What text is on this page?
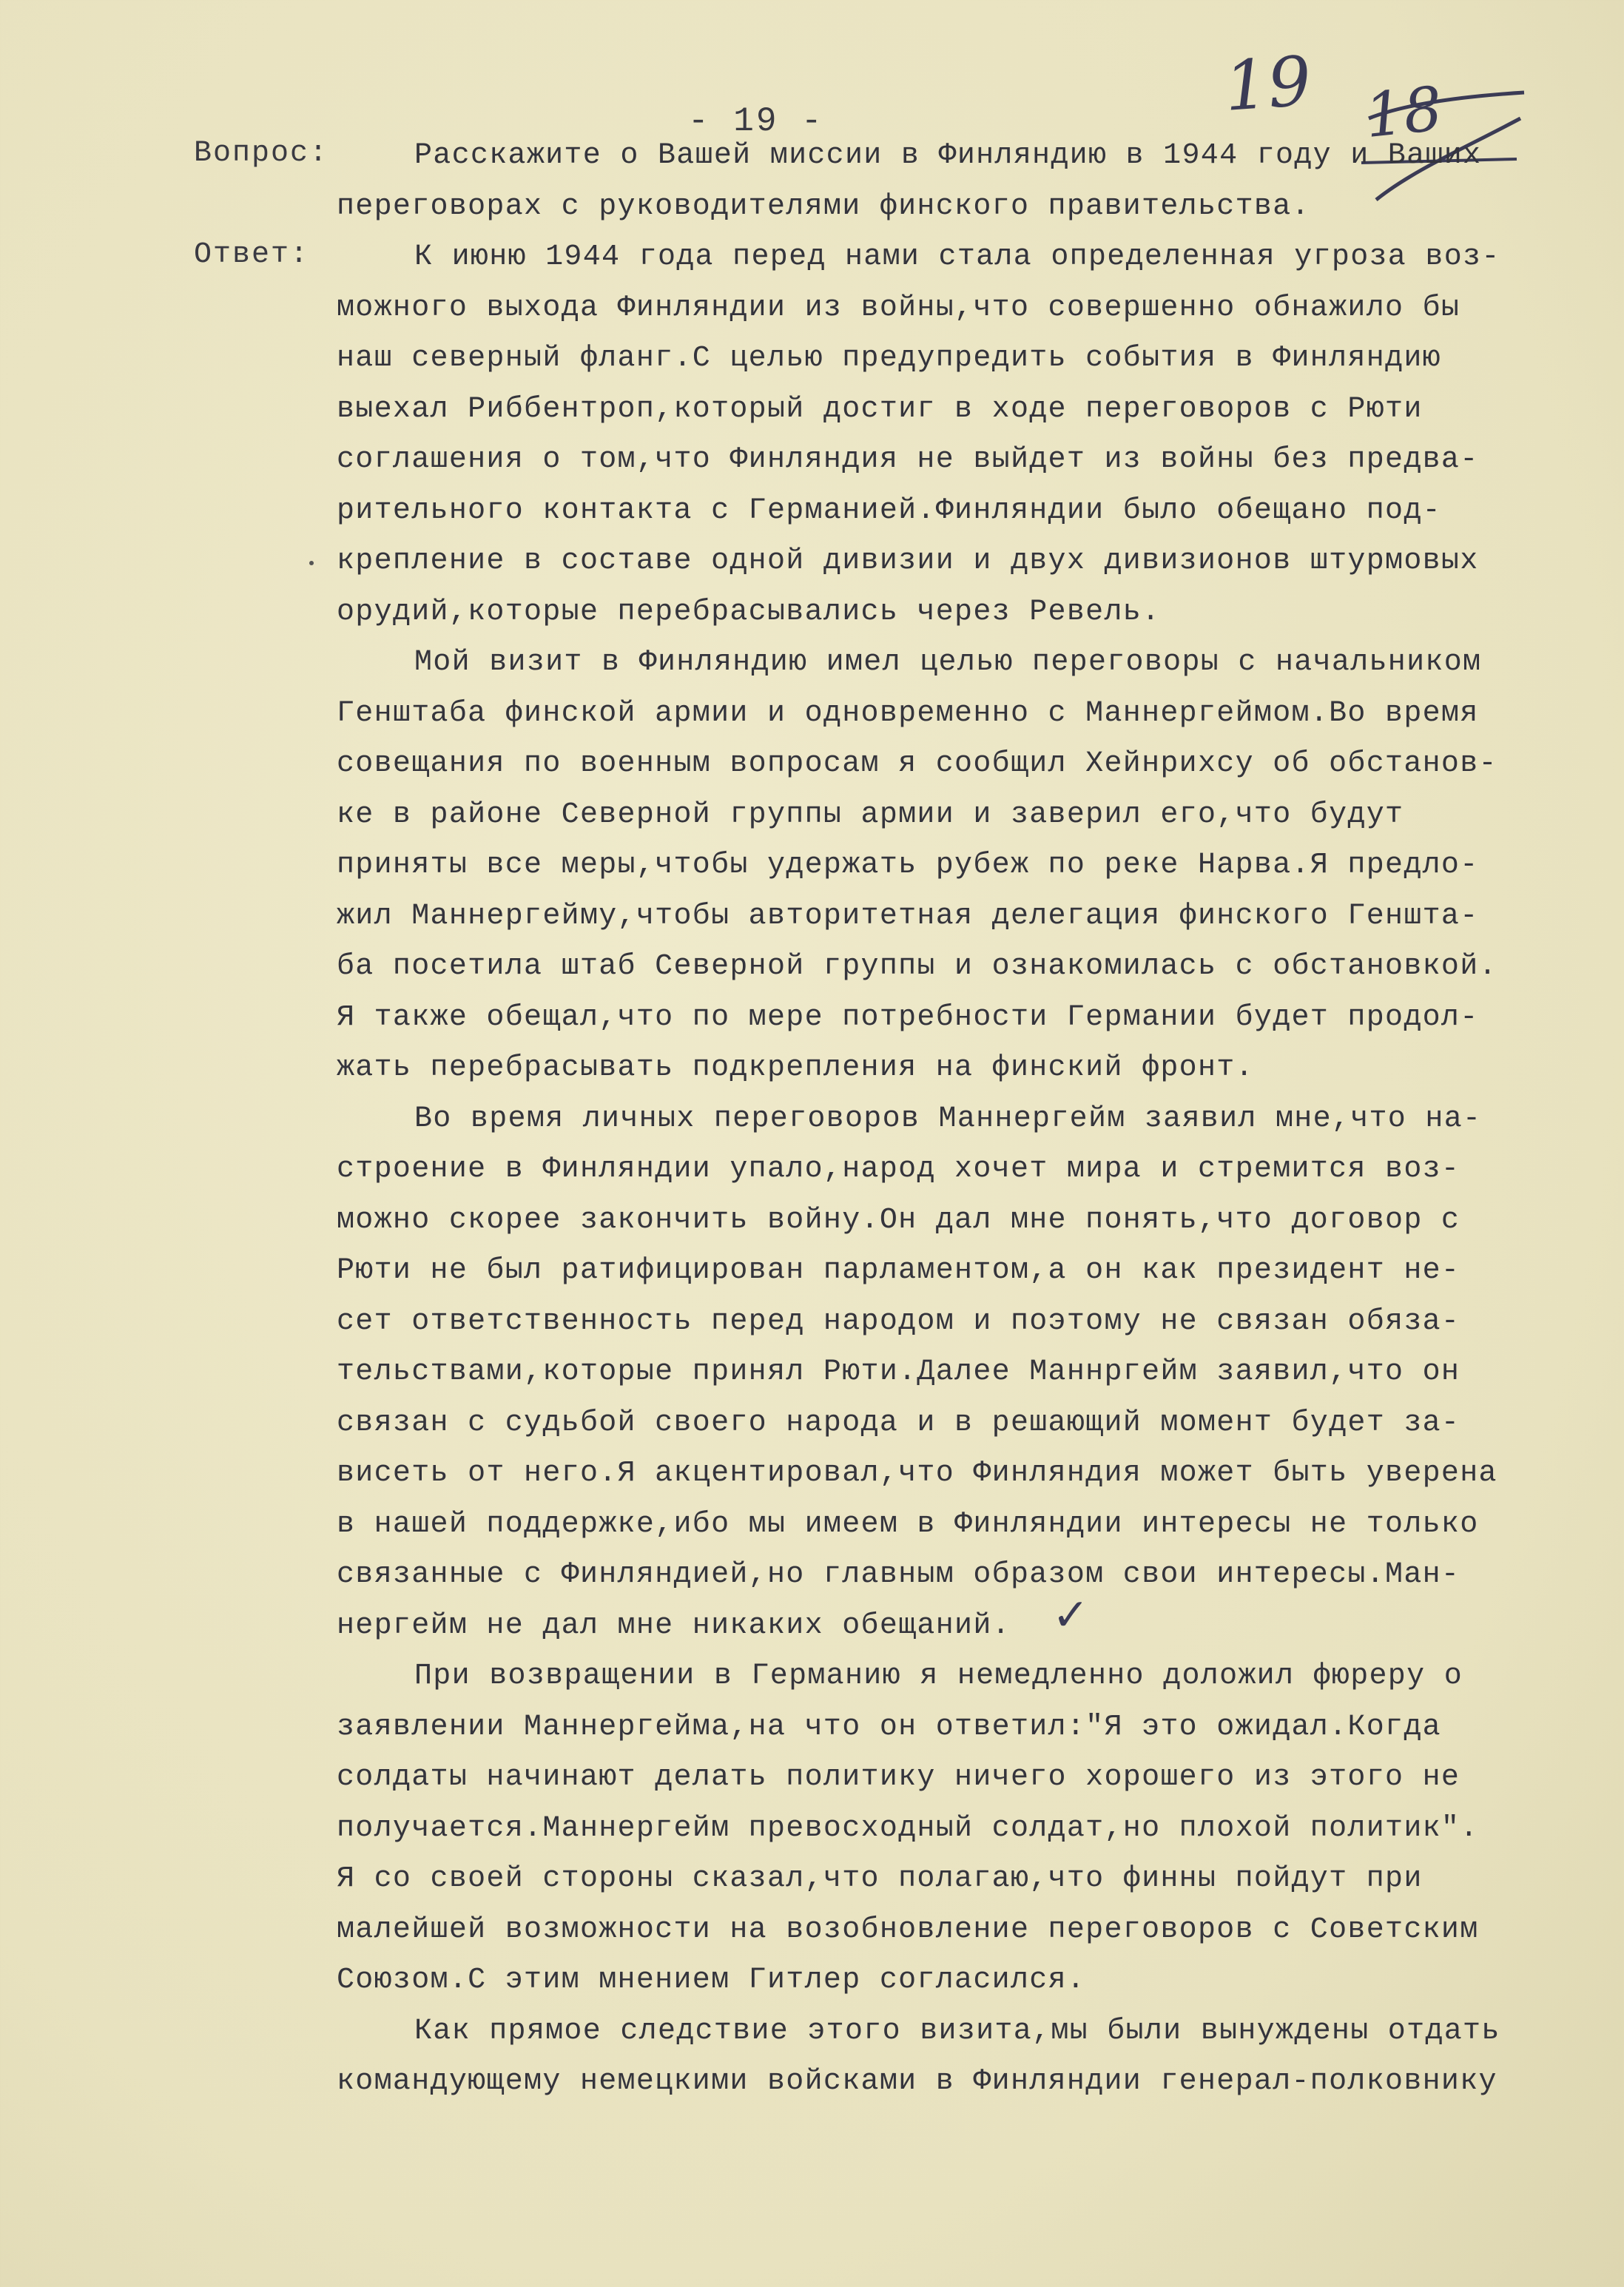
19 18
- 19 -
Вопрос:
Ответ:
Расскажите о Вашей миссии в Финляндию в 1944 году и Ваших
переговорах с руководителями финского правительства.
К июню 1944 года перед нами стала определенная угроза воз-
можного выхода Финляндии из войны,что совершенно обнажило бы
наш северный фланг.С целью предупредить события в Финляндию
выехал Риббентроп,который достиг в ходе переговоров с Рюти
соглашения о том,что Финляндия не выйдет из войны без предва-
рительного контакта с Германией.Финляндии было обещано под-
крепление в составе одной дивизии и двух дивизионов штурмовых
орудий,которые перебрасывались через Ревель.
Мой визит в Финляндию имел целью переговоры с начальником
Генштаба финской армии и одновременно с Маннергеймом.Во время
совещания по военным вопросам я сообщил Хейнрихсу об обстанов-
ке в районе Северной группы армии и заверил его,что будут
приняты все меры,чтобы удержать рубеж по реке Нарва.Я предло-
жил Маннергейму,чтобы авторитетная делегация финского Генштa-
ба посетила штаб Северной группы и ознакомилась с обстановкой.
Я также обещал,что по мере потребности Германии будет продол-
жать перебрасывать подкрепления на финский фронт.
Во время личных переговоров Маннергейм заявил мне,что на-
строение в Финляндии упало,народ хочет мира и стремится воз-
можно скорее закончить войну.Он дал мне понять,что договор с
Рюти не был ратифицирован парламентом,а он как президент не-
сет ответственность перед народом и поэтому не связан обяза-
тельствами,которые принял Рюти.Далее Маннргейм заявил,что он
связан с судьбой своего народа и в решающий момент будет за-
висеть от него.Я акцентировал,что Финляндия может быть уверена
в нашей поддержке,ибо мы имеем в Финляндии интересы не только
связанные с Финляндией,но главным образом свои интересы.Ман-
нергейм не дал мне никаких обещаний.
При возвращении в Германию я немедленно доложил фюреру о
заявлении Маннергейма,на что он ответил:"Я это ожидал.Когда
солдаты начинают делать политику ничего хорошего из этого не
получается.Маннергейм превосходный солдат,но плохой политик".
Я со своей стороны сказал,что полагаю,что финны пойдут при
малейшей возможности на возобновление переговоров с Советским
Союзом.С этим мнением Гитлер согласился.
Как прямое следствие этого визита,мы были вынуждены отдать
командующему немецкими войсками в Финляндии генерал-полковнику
✓
